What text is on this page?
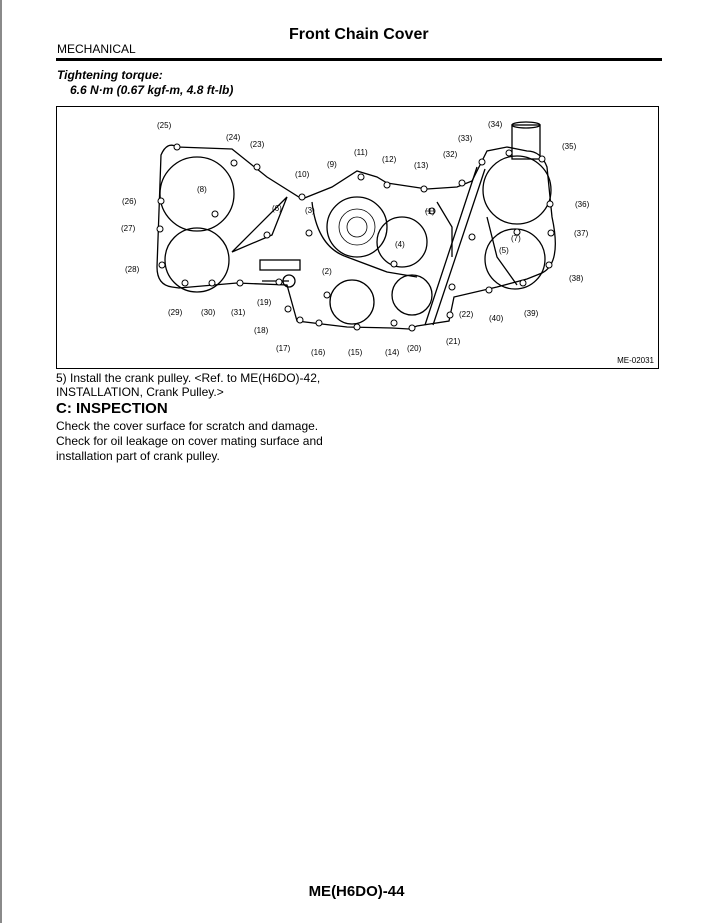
MECHANICAL
Front Chain Cover
Tightening torque:
6.6 N·m (0.67 kgf-m, 4.8 ft-lb)
(1)
(2)
(3)
(4)
(5)
(6)
(7)
(8)
(9)
(10)
(11)
(12)
(13)
(14)
(15)
(16)
(17)
(18)
(19)
(20)
(21)
(22)
(23)
(24)
(25)
(26)
(27)
(28)
(29) (30) (31)
(32)
(33)
(34)
(35)
(36)
(37)
(38)
(39)
(40)
ME-02031
5) Install the crank pulley. <Ref. to ME(H6DO)-42,
INSTALLATION, Crank Pulley.>
C: INSPECTION
Check the cover surface for scratch and damage.
Check for oil leakage on cover mating surface and
installation part of crank pulley.
ME(H6DO)-44
